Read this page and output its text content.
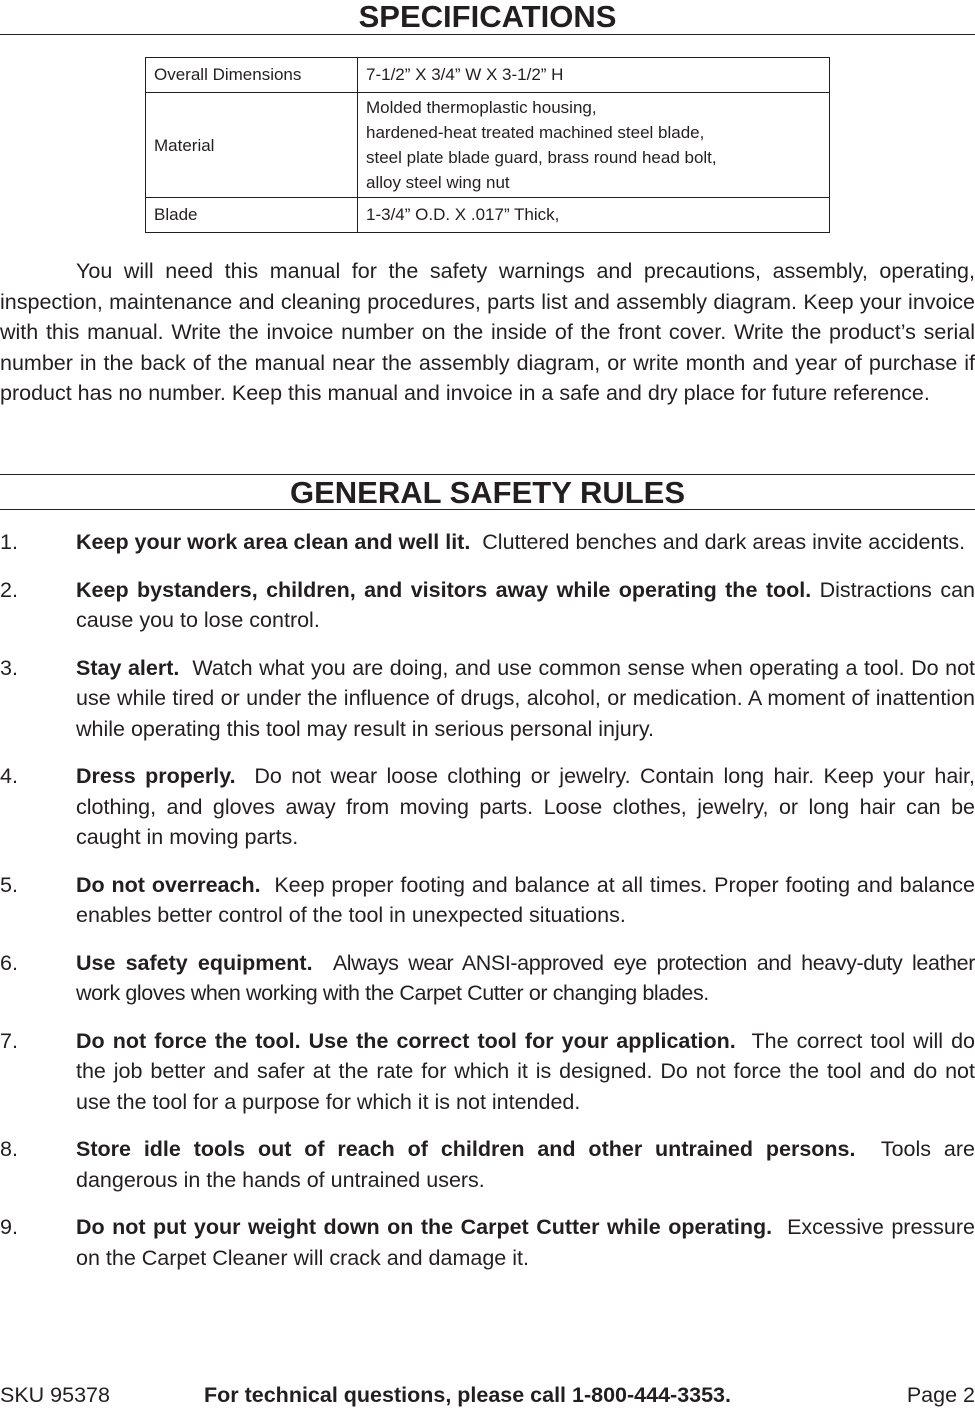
SPECIFICATIONS
Overall Dimensions	7-1/2” X 3/4” W X 3-1/2” H
Material	Molded thermoplastic housing,
hardened-heat treated machined steel blade,
steel plate blade guard, brass round head bolt,
alloy steel wing nut

Blade	1-3/4” O.D. X .017” Thick,

You will need this manual for the safety warnings and precautions, assembly, operating, inspection, maintenance and cleaning procedures, parts list and assembly diagram. Keep your invoice with this manual. Write the invoice number on the inside of the front cover. Write the product’s serial number in the back of the manual near the assembly diagram, or write month and year of purchase if product has no number. Keep this manual and invoice in a safe and dry place for future reference.

GENERAL SAFETY RULES
1.	Keep your work area clean and well lit. Cluttered benches and dark areas invite accidents.
2.	Keep bystanders, children, and visitors away while operating the tool. Distractions can cause you to lose control.
3.	Stay alert. Watch what you are doing, and use common sense when operating a tool. Do not use while tired or under the influence of drugs, alcohol, or medication. A moment of inattention while operating this tool may result in serious personal injury.
4.	Dress properly. Do not wear loose clothing or jewelry. Contain long hair. Keep your hair, clothing, and gloves away from moving parts. Loose clothes, jewelry, or long hair can be caught in moving parts.
5.	Do not overreach. Keep proper footing and balance at all times. Proper footing and balance enables better control of the tool in unexpected situations.
6.	Use safety equipment. Always wear ANSI-approved eye protection and heavy-duty leather work gloves when working with the Carpet Cutter or changing blades.
7.	Do not force the tool. Use the correct tool for your application. The correct tool will do the job better and safer at the rate for which it is designed. Do not force the tool and do not use the tool for a purpose for which it is not intended.
8.	Store idle tools out of reach of children and other untrained persons. Tools are dangerous in the hands of untrained users.
9.	Do not put your weight down on the Carpet Cutter while operating. Excessive pressure on the Carpet Cleaner will crack and damage it.
SKU 95378	For technical questions, please call 1-800-444-3353.	Page 2
